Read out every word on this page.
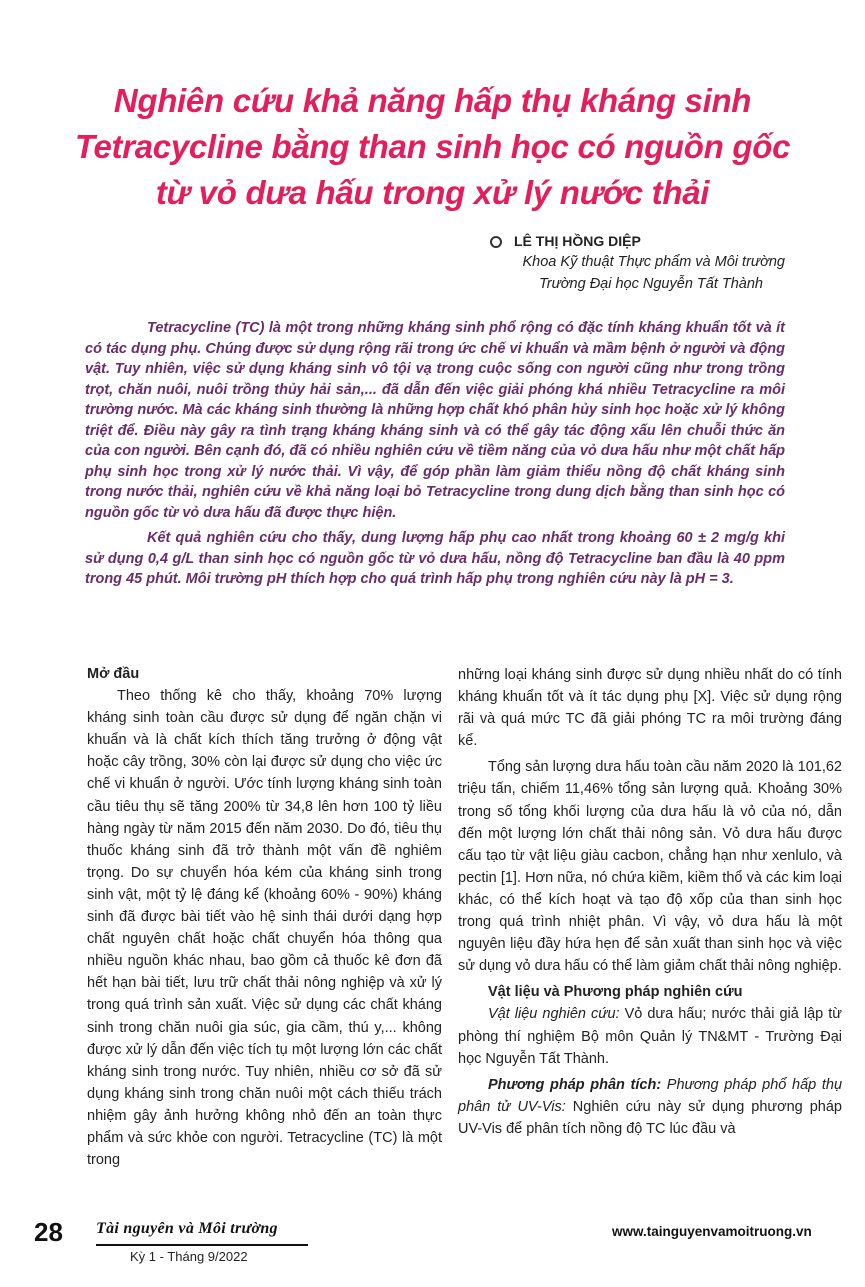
Nghiên cứu khả năng hấp thụ kháng sinh
Tetracycline bằng than sinh học có nguồn gốc
từ vỏ dưa hấu trong xử lý nước thải
LÊ THỊ HỒNG DIỆP
Khoa Kỹ thuật Thực phẩm và Môi trường
Trường Đại học Nguyễn Tất Thành

Tetracycline (TC) là một trong những kháng sinh phổ rộng có đặc tính kháng khuẩn tốt và ít có tác dụng phụ. Chúng được sử dụng rộng rãi trong ức chế vi khuẩn và mầm bệnh ở người và động vật. Tuy nhiên, việc sử dụng kháng sinh vô tội vạ trong cuộc sống con người cũng như trong trồng trọt, chăn nuôi, nuôi trồng thủy hải sản,... đã dẫn đến việc giải phóng khá nhiều Tetracycline ra môi trường nước. Mà các kháng sinh thường là những hợp chất khó phân hủy sinh học hoặc xử lý không triệt để. Điều này gây ra tình trạng kháng kháng sinh và có thể gây tác động xấu lên chuỗi thức ăn của con người. Bên cạnh đó, đã có nhiều nghiên cứu về tiềm năng của vỏ dưa hấu như một chất hấp phụ sinh học trong xử lý nước thải. Vì vậy, để góp phần làm giảm thiểu nồng độ chất kháng sinh trong nước thải, nghiên cứu về khả năng loại bỏ Tetracycline trong dung dịch bằng than sinh học có nguồn gốc từ vỏ dưa hấu đã được thực hiện.

Kết quả nghiên cứu cho thấy, dung lượng hấp phụ cao nhất trong khoảng 60 ± 2 mg/g khi sử dụng 0,4 g/L than sinh học có nguồn gốc từ vỏ dưa hấu, nồng độ Tetracycline ban đầu là 40 ppm trong 45 phút. Môi trường pH thích hợp cho quá trình hấp phụ trong nghiên cứu này là pH = 3.

Mở đầu

Theo thống kê cho thấy, khoảng 70% lượng kháng sinh toàn cầu được sử dụng để ngăn chặn vi khuẩn và là chất kích thích tăng trưởng ở động vật hoặc cây trồng, 30% còn lại được sử dụng cho việc ức chế vi khuẩn ở người. Ước tính lượng kháng sinh toàn cầu tiêu thụ sẽ tăng 200% từ 34,8 lên hơn 100 tỷ liều hàng ngày từ năm 2015 đến năm 2030. Do đó, tiêu thụ thuốc kháng sinh đã trở thành một vấn đề nghiêm trọng. Do sự chuyển hóa kém của kháng sinh trong sinh vật, một tỷ lệ đáng kể (khoảng 60% - 90%) kháng sinh đã được bài tiết vào hệ sinh thái dưới dạng hợp chất nguyên chất hoặc chất chuyển hóa thông qua nhiều nguồn khác nhau, bao gồm cả thuốc kê đơn đã hết hạn bài tiết, lưu trữ chất thải nông nghiệp và xử lý trong quá trình sản xuất. Việc sử dụng các chất kháng sinh trong chăn nuôi gia súc, gia cầm, thú y,... không được xử lý dẫn đến việc tích tụ một lượng lớn các chất kháng sinh trong nước. Tuy nhiên, nhiều cơ sở đã sử dụng kháng sinh trong chăn nuôi một cách thiếu trách nhiệm gây ảnh hưởng không nhỏ đến an toàn thực phẩm và sức khỏe con người. Tetracycline (TC) là một trong

những loại kháng sinh được sử dụng nhiều nhất do có tính kháng khuẩn tốt và ít tác dụng phụ [X]. Việc sử dụng rộng rãi và quá mức TC đã giải phóng TC ra môi trường đáng kể.

Tổng sản lượng dưa hấu toàn cầu năm 2020 là 101,62 triệu tấn, chiếm 11,46% tổng sản lượng quả. Khoảng 30% trong số tổng khối lượng của dưa hấu là vỏ của nó, dẫn đến một lượng lớn chất thải nông sản. Vỏ dưa hấu được cấu tạo từ vật liệu giàu cacbon, chẳng hạn như xenlulo, và pectin [1]. Hơn nữa, nó chứa kiềm, kiềm thổ và các kim loại khác, có thể kích hoạt và tạo độ xốp của than sinh học trong quá trình nhiệt phân. Vì vậy, vỏ dưa hấu là một nguyên liệu đầy hứa hẹn để sản xuất than sinh học và việc sử dụng vỏ dưa hấu có thể làm giảm chất thải nông nghiệp.

Vật liệu và Phương pháp nghiên cứu

Vật liệu nghiên cứu: Vỏ dưa hấu; nước thải giả lập từ phòng thí nghiệm Bộ môn Quản lý TN&MT - Trường Đại học Nguyễn Tất Thành.

Phương pháp phân tích: Phương pháp phổ hấp thụ phân tử UV-Vis: Nghiên cứu này sử dụng phương pháp UV-Vis để phân tích nồng độ TC lúc đầu và

28 Tài nguyên và Môi trường
Kỳ 1 - Tháng 9/2022
www.tainguyenvamoitruong.vn
